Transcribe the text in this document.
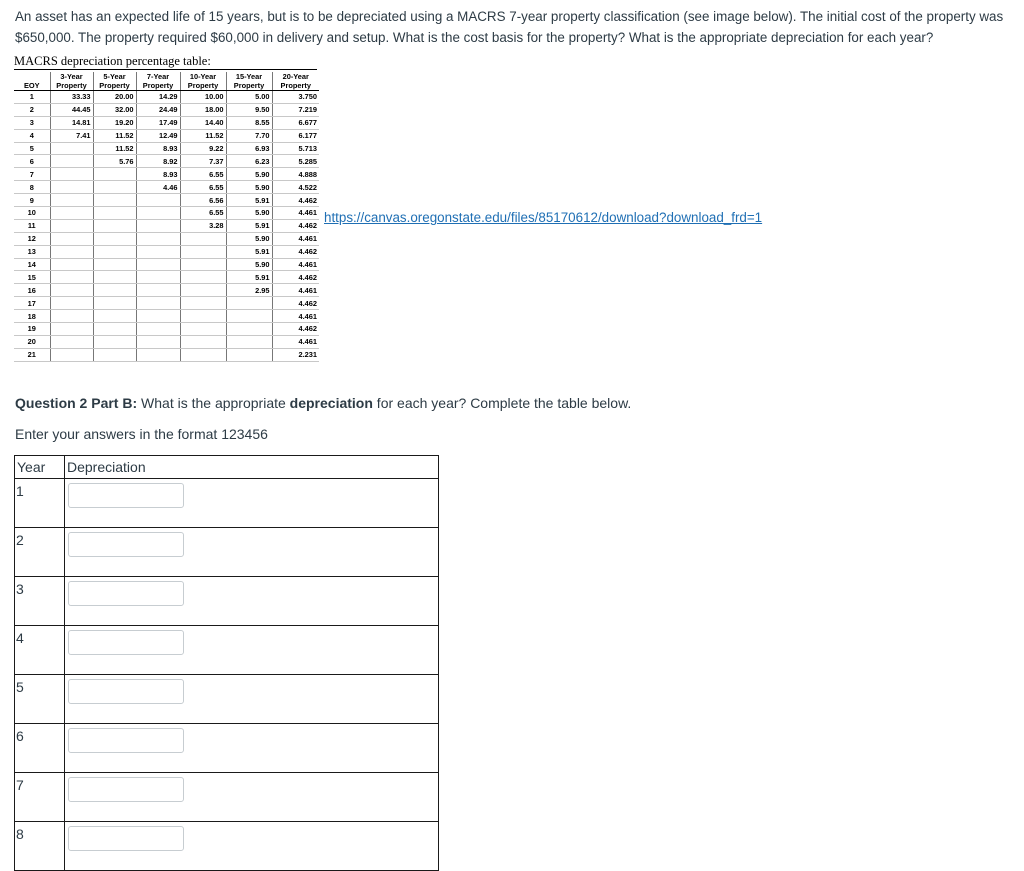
An asset has an expected life of 15 years, but is to be depreciated using a MACRS 7-year property classification (see image below). The initial cost of the property was
$650,000. The property required $60,000 in delivery and setup. What is the cost basis for the property? What is the appropriate depreciation for each year?
MACRS depreciation percentage table:
	3-Year	5-Year	7-Year	10-Year	15-Year	20-Year
EOY	Property	Property	Property	Property	Property	Property
1	33.33	20.00	14.29	10.00	5.00	3.750
2	44.45	32.00	24.49	18.00	9.50	7.219
3	14.81	19.20	17.49	14.40	8.55	6.677
4	7.41	11.52	12.49	11.52	7.70	6.177
5		11.52	8.93	9.22	6.93	5.713
6		5.76	8.92	7.37	6.23	5.285
7			8.93	6.55	5.90	4.888
8			4.46	6.55	5.90	4.522
9				6.56	5.91	4.462
10				6.55	5.90	4.461
11				3.28	5.91	4.462
12					5.90	4.461
13					5.91	4.462
14					5.90	4.461
15					5.91	4.462
16					2.95	4.461
17						4.462
18						4.461
19						4.462
20						4.461
21						2.231
https://canvas.oregonstate.edu/files/85170612/download?download_frd=1
Question 2 Part B: What is the appropriate depreciation for each year? Complete the table below.
Enter your answers in the format 123456
Year	Depreciation
1	

2	

3	

4	

5	

6	

7	

8	
